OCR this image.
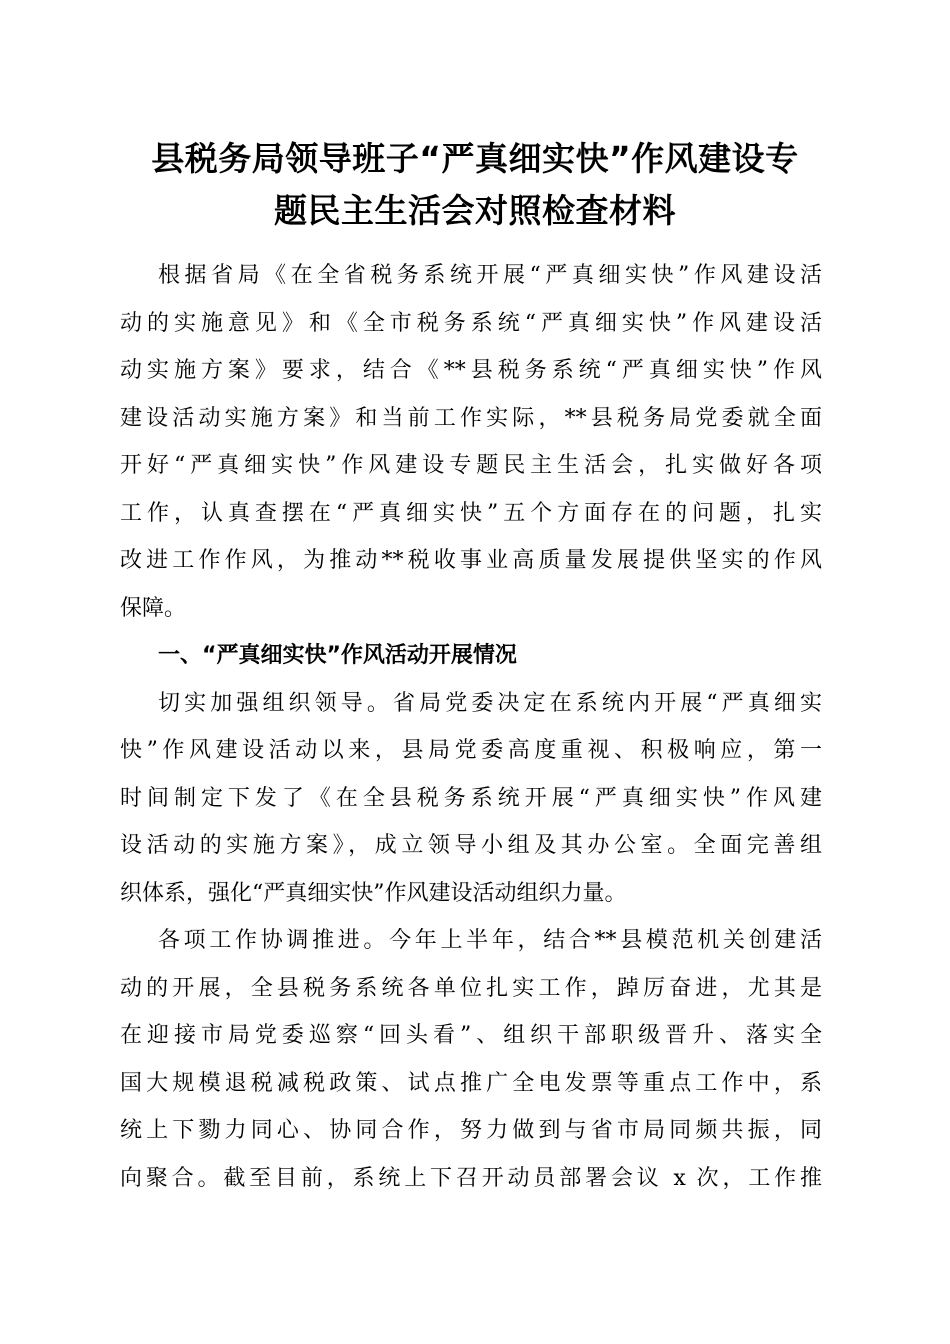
县税务局领导班子“严真细实快”作风建设专
题民主生活会对照检查材料
根据省局《在全省税务系统开展“严真细实快”作风建设活
动的实施意见》和《全市税务系统“严真细实快”作风建设活
动实施方案》要求，结合《**县税务系统“严真细实快”作风
建设活动实施方案》和当前工作实际，**县税务局党委就全面
开好“严真细实快”作风建设专题民主生活会，扎实做好各项
工作，认真查摆在“严真细实快”五个方面存在的问题，扎实
改进工作作风，为推动**税收事业高质量发展提供坚实的作风
保障。
一、“严真细实快”作风活动开展情况
切实加强组织领导。省局党委决定在系统内开展“严真细实
快”作风建设活动以来，县局党委高度重视、积极响应，第一
时间制定下发了《在全县税务系统开展“严真细实快”作风建
设活动的实施方案》，成立领导小组及其办公室。全面完善组
织体系，强化“严真细实快”作风建设活动组织力量。
各项工作协调推进。今年上半年，结合**县模范机关创建活
动的开展，全县税务系统各单位扎实工作，踔厉奋进，尤其是
在迎接市局党委巡察“回头看”、组织干部职级晋升、落实全
国大规模退税减税政策、试点推广全电发票等重点工作中，系
统上下勠力同心、协同合作，努力做到与省市局同频共振，同
向聚合。截至目前，系统上下召开动员部署会议 x 次，工作推
